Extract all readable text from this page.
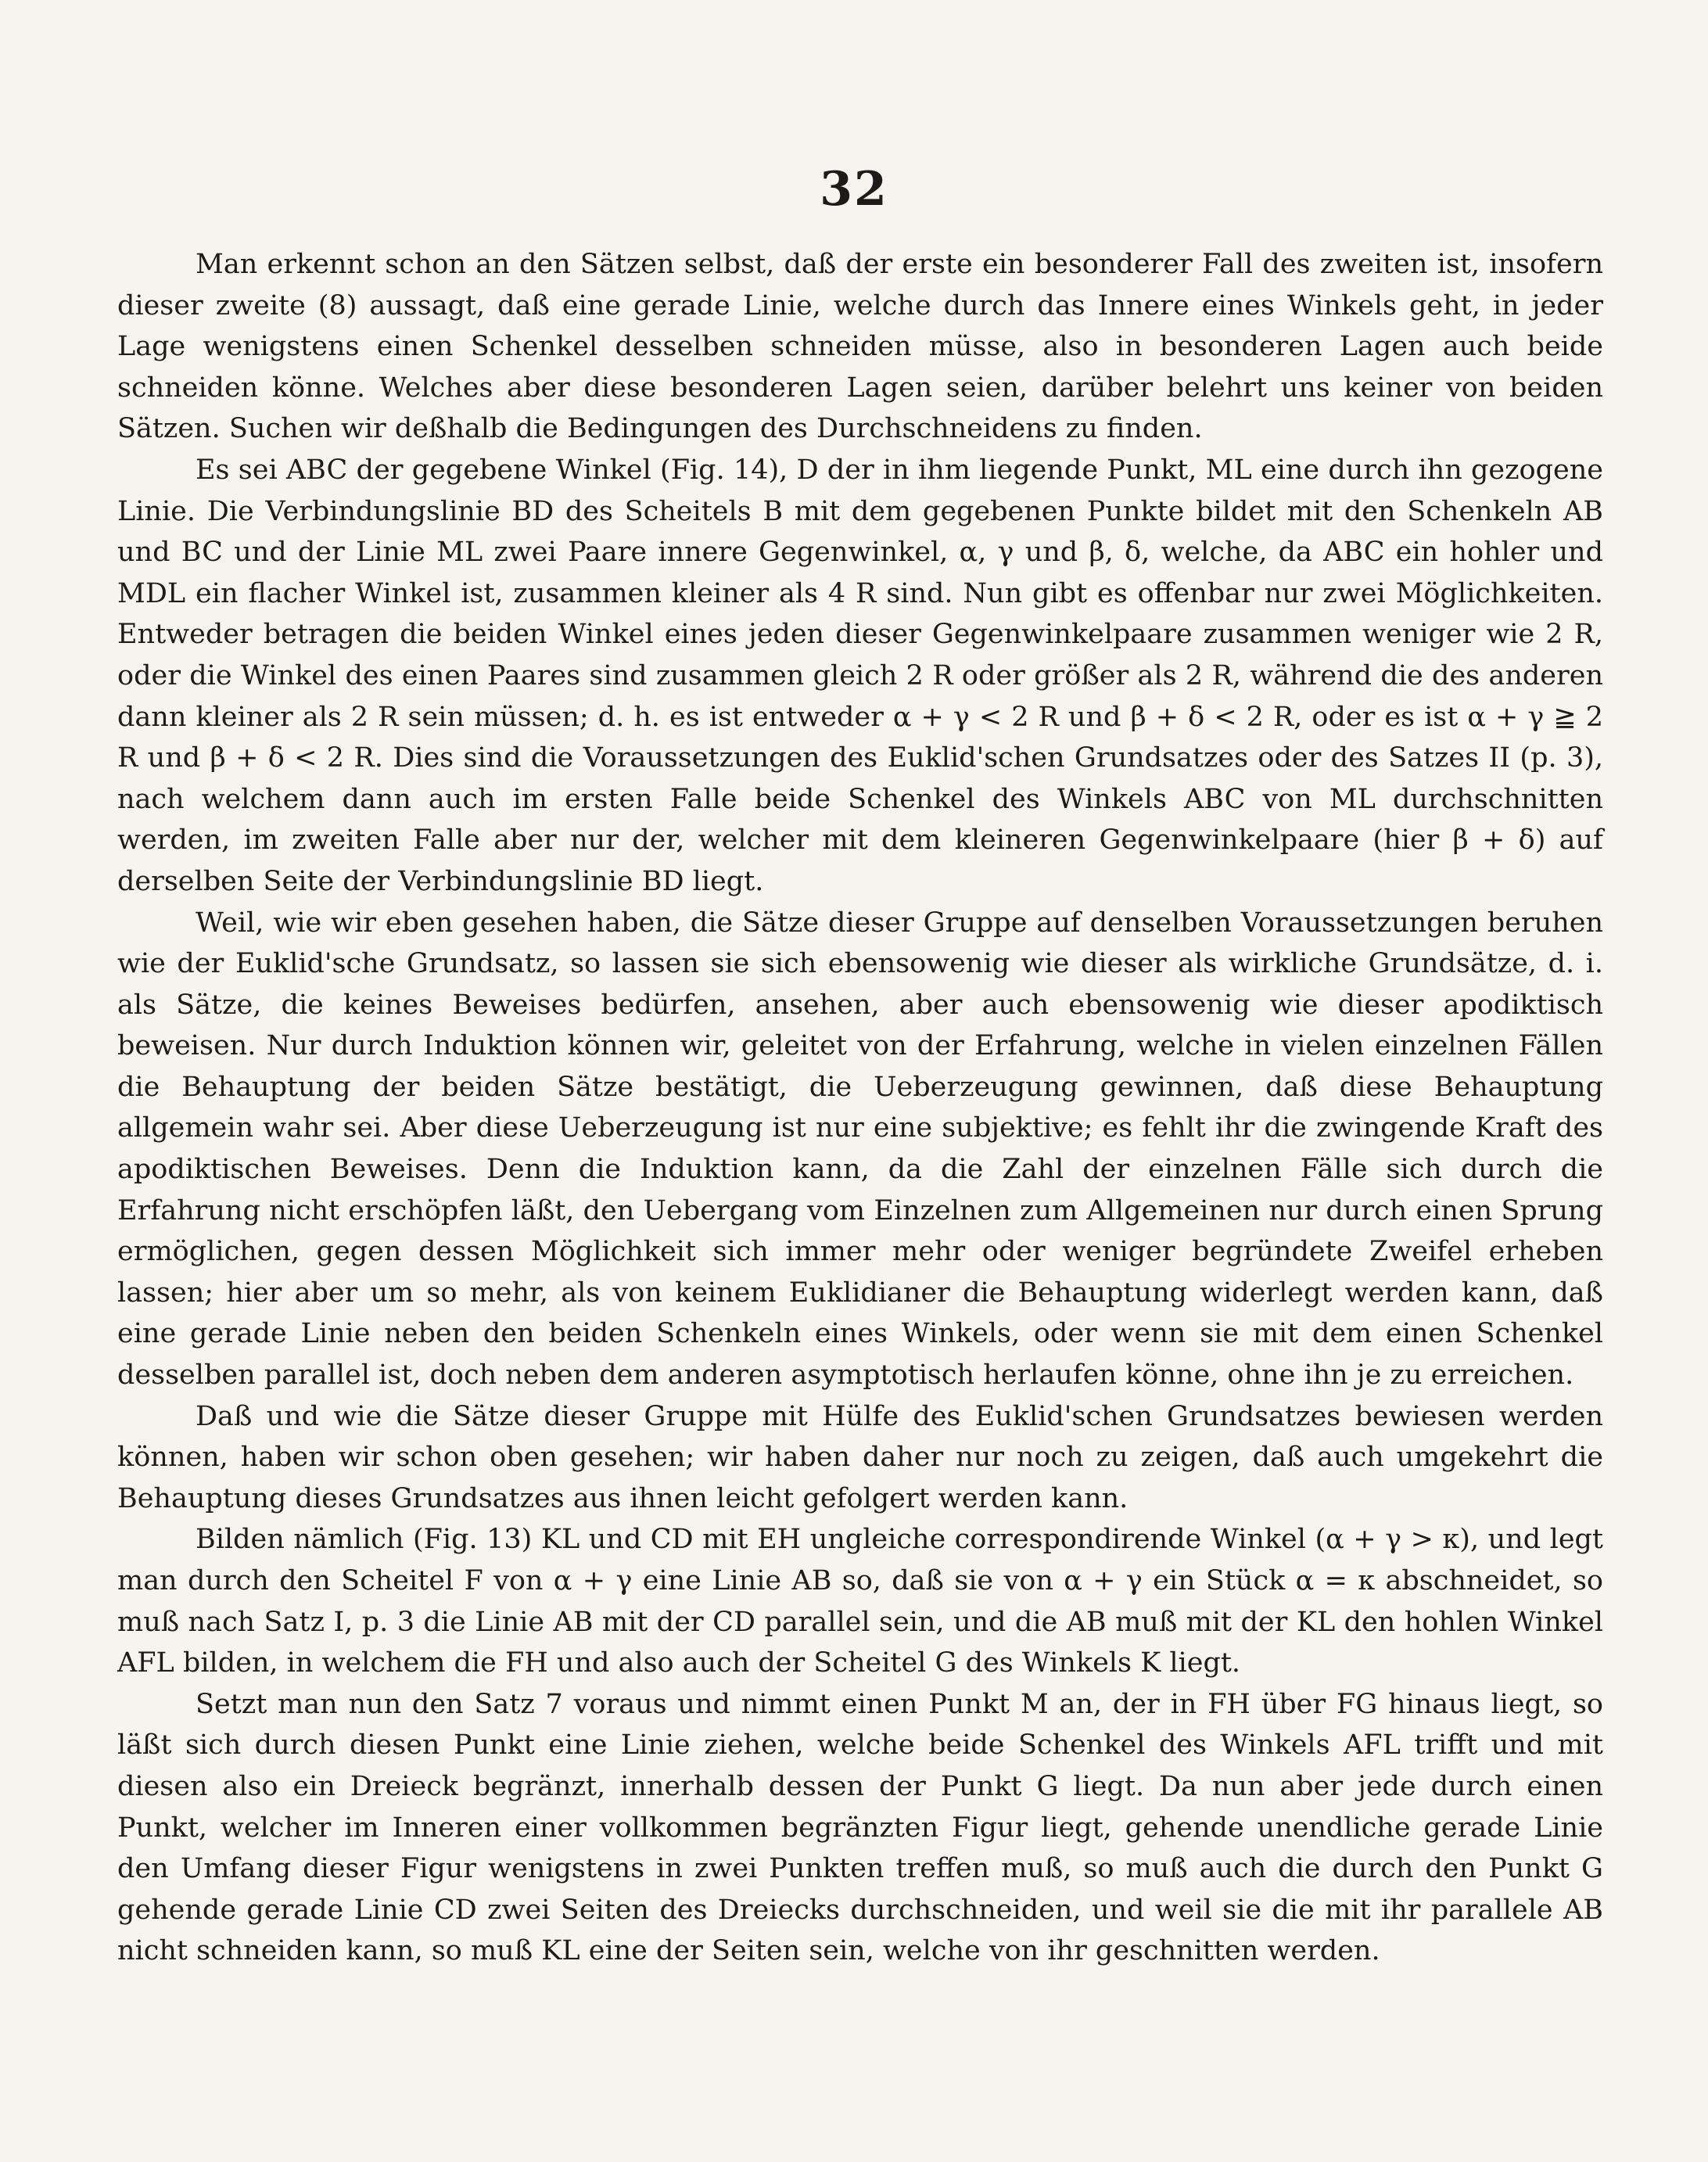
32

Man erkennt schon an den Sätzen selbst, daß der erste ein besonderer Fall des zweiten ist, insofern dieser zweite (8) aussagt, daß eine gerade Linie, welche durch das Innere eines Winkels geht, in jeder Lage wenigstens einen Schenkel desselben schneiden müsse, also in besonderen Lagen auch beide schneiden könne. Welches aber diese besonderen Lagen seien, darüber belehrt uns keiner von beiden Sätzen. Suchen wir deßhalb die Bedingungen des Durchschneidens zu finden.

Es sei ABC der gegebene Winkel (Fig. 14), D der in ihm liegende Punkt, ML eine durch ihn gezogene Linie. Die Verbindungslinie BD des Scheitels B mit dem gegebenen Punkte bildet mit den Schenkeln AB und BC und der Linie ML zwei Paare innere Gegenwinkel, α, γ und β, δ, welche, da ABC ein hohler und MDL ein flacher Winkel ist, zusammen kleiner als 4 R sind. Nun gibt es offenbar nur zwei Möglichkeiten. Entweder betragen die beiden Winkel eines jeden dieser Gegenwinkelpaare zusammen weniger wie 2 R, oder die Winkel des einen Paares sind zusammen gleich 2 R oder größer als 2 R, während die des anderen dann kleiner als 2 R sein müssen; d. h. es ist entweder α + γ < 2 R und β + δ < 2 R, oder es ist α + γ ≧ 2 R und β + δ < 2 R. Dies sind die Voraussetzungen des Euklid'schen Grundsatzes oder des Satzes II (p. 3), nach welchem dann auch im ersten Falle beide Schenkel des Winkels ABC von ML durchschnitten werden, im zweiten Falle aber nur der, welcher mit dem kleineren Gegenwinkelpaare (hier β + δ) auf derselben Seite der Verbindungslinie BD liegt.

Weil, wie wir eben gesehen haben, die Sätze dieser Gruppe auf denselben Voraussetzungen beruhen wie der Euklid'sche Grundsatz, so lassen sie sich ebensowenig wie dieser als wirkliche Grundsätze, d. i. als Sätze, die keines Beweises bedürfen, ansehen, aber auch ebensowenig wie dieser apodiktisch beweisen. Nur durch Induktion können wir, geleitet von der Erfahrung, welche in vielen einzelnen Fällen die Behauptung der beiden Sätze bestätigt, die Ueberzeugung gewinnen, daß diese Behauptung allgemein wahr sei. Aber diese Ueberzeugung ist nur eine subjektive; es fehlt ihr die zwingende Kraft des apodiktischen Beweises. Denn die Induktion kann, da die Zahl der einzelnen Fälle sich durch die Erfahrung nicht erschöpfen läßt, den Uebergang vom Einzelnen zum Allgemeinen nur durch einen Sprung ermöglichen, gegen dessen Möglichkeit sich immer mehr oder weniger begründete Zweifel erheben lassen; hier aber um so mehr, als von keinem Euklidianer die Behauptung widerlegt werden kann, daß eine gerade Linie neben den beiden Schenkeln eines Winkels, oder wenn sie mit dem einen Schenkel desselben parallel ist, doch neben dem anderen asymptotisch herlaufen könne, ohne ihn je zu erreichen.

Daß und wie die Sätze dieser Gruppe mit Hülfe des Euklid'schen Grundsatzes bewiesen werden können, haben wir schon oben gesehen; wir haben daher nur noch zu zeigen, daß auch umgekehrt die Behauptung dieses Grundsatzes aus ihnen leicht gefolgert werden kann.

Bilden nämlich (Fig. 13) KL und CD mit EH ungleiche correspondirende Winkel (α + γ > κ), und legt man durch den Scheitel F von α + γ eine Linie AB so, daß sie von α + γ ein Stück α = κ abschneidet, so muß nach Satz I, p. 3 die Linie AB mit der CD parallel sein, und die AB muß mit der KL den hohlen Winkel AFL bilden, in welchem die FH und also auch der Scheitel G des Winkels K liegt.

Setzt man nun den Satz 7 voraus und nimmt einen Punkt M an, der in FH über FG hinaus liegt, so läßt sich durch diesen Punkt eine Linie ziehen, welche beide Schenkel des Winkels AFL trifft und mit diesen also ein Dreieck begränzt, innerhalb dessen der Punkt G liegt. Da nun aber jede durch einen Punkt, welcher im Inneren einer vollkommen begränzten Figur liegt, gehende unendliche gerade Linie den Umfang dieser Figur wenigstens in zwei Punkten treffen muß, so muß auch die durch den Punkt G gehende gerade Linie CD zwei Seiten des Dreiecks durchschneiden, und weil sie die mit ihr parallele AB nicht schneiden kann, so muß KL eine der Seiten sein, welche von ihr geschnitten werden.
